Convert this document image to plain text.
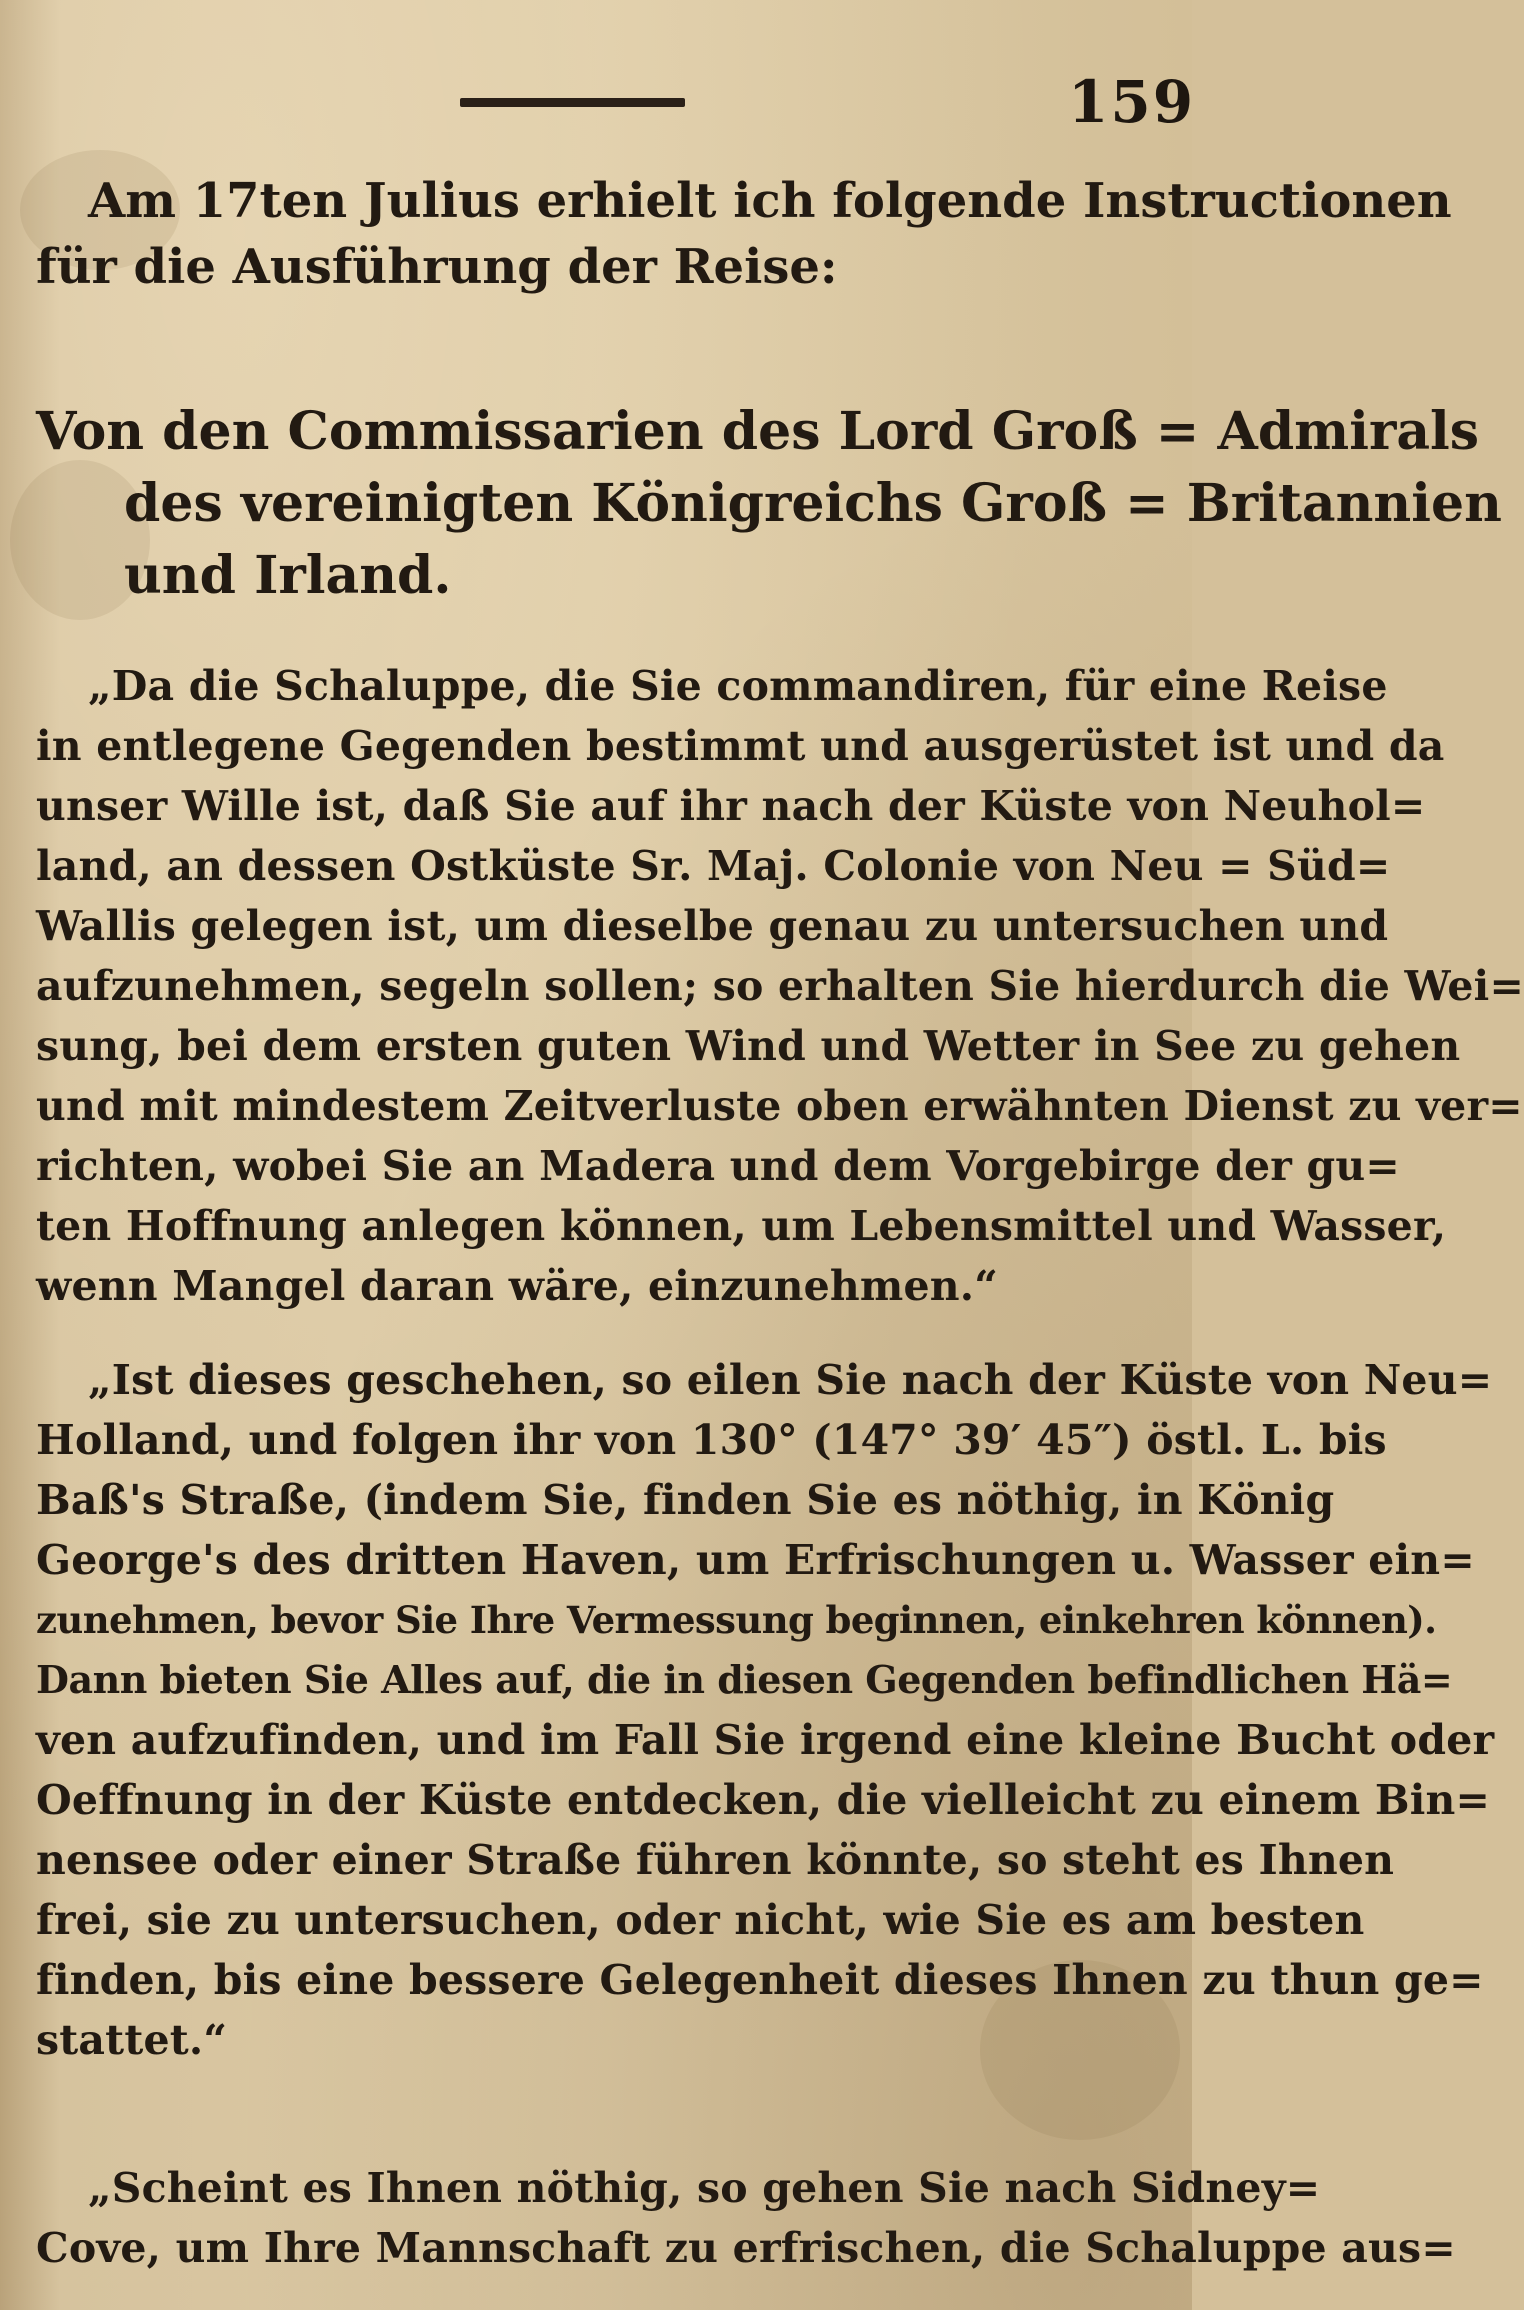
159
Am 17ten Julius erhielt ich folgende Instructionen
für die Ausführung der Reise:
Von den Commissarien des Lord Groß = Admirals
des vereinigten Königreichs Groß = Britannien
und Irland.
„Da die Schaluppe, die Sie commandiren, für eine Reise
in entlegene Gegenden bestimmt und ausgerüstet ist und da
unser Wille ist, daß Sie auf ihr nach der Küste von Neuhol=
land, an dessen Ostküste Sr. Maj. Colonie von Neu = Süd=
Wallis gelegen ist, um dieselbe genau zu untersuchen und
aufzunehmen, segeln sollen; so erhalten Sie hierdurch die Wei=
sung, bei dem ersten guten Wind und Wetter in See zu gehen
und mit mindestem Zeitverluste oben erwähnten Dienst zu ver=
richten, wobei Sie an Madera und dem Vorgebirge der gu=
ten Hoffnung anlegen können, um Lebensmittel und Wasser,
wenn Mangel daran wäre, einzunehmen.“
„Ist dieses geschehen, so eilen Sie nach der Küste von Neu=
Holland, und folgen ihr von 130° (147° 39′ 45″) östl. L. bis
Baß's Straße, (indem Sie, finden Sie es nöthig, in König
George's des dritten Haven, um Erfrischungen u. Wasser ein=
zunehmen, bevor Sie Ihre Vermessung beginnen, einkehren können).
Dann bieten Sie Alles auf, die in diesen Gegenden befindlichen Hä=
ven aufzufinden, und im Fall Sie irgend eine kleine Bucht oder
Oeffnung in der Küste entdecken, die vielleicht zu einem Bin=
nensee oder einer Straße führen könnte, so steht es Ihnen
frei, sie zu untersuchen, oder nicht, wie Sie es am besten
finden, bis eine bessere Gelegenheit dieses Ihnen zu thun ge=
stattet.“
„Scheint es Ihnen nöthig, so gehen Sie nach Sidney=
Cove, um Ihre Mannschaft zu erfrischen, die Schaluppe aus=
